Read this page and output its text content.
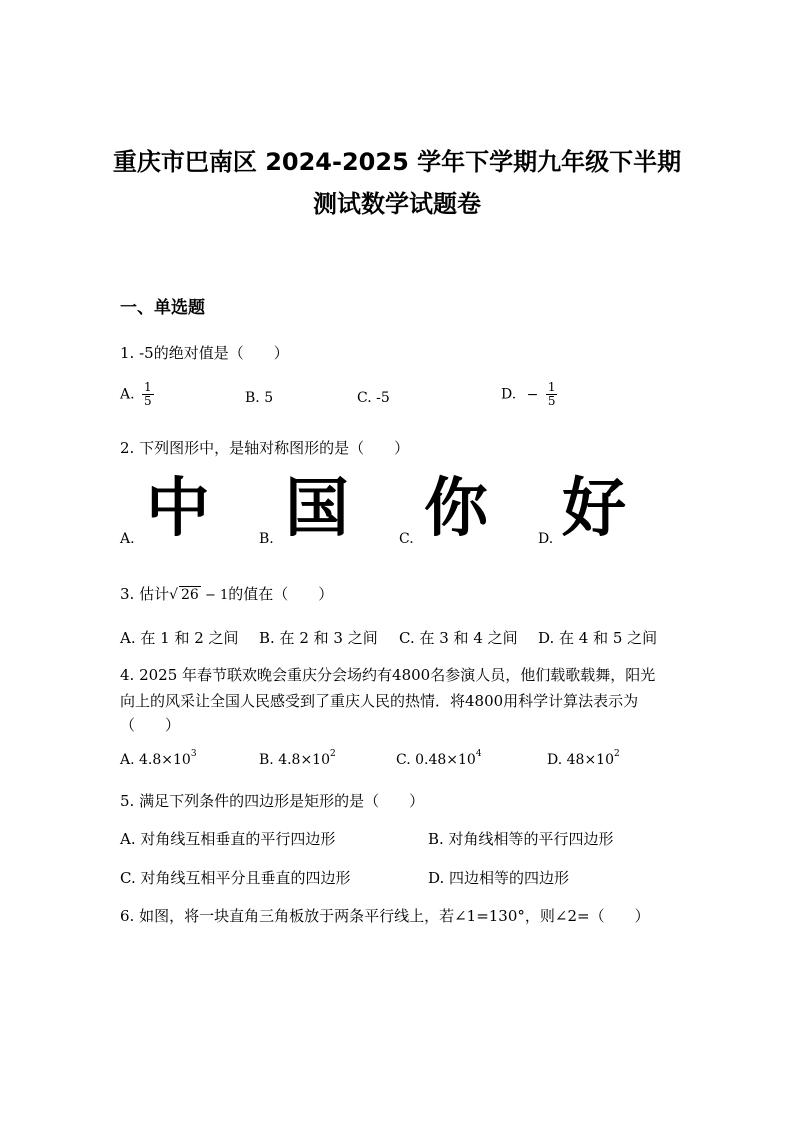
重庆市巴南区 2024-2025 学年下学期九年级下半期
测试数学试题卷
一、单选题
1. -5的绝对值是（　　）
A. $\frac{1}{5}$	B. 5	C. -5	D. − $\frac{1}{5}$
2. 下列图形中，是轴对称图形的是（　　）
A. 中	B. 国	C. 你	D. 好
3. 估计√ 26 − 1的值在（　　）
A. 在 1 和 2 之间 B. 在 2 和 3 之间 C. 在 3 和 4 之间 D. 在 4 和 5 之间
4. 2025 年春节联欢晚会重庆分会场约有4800名参演人员，他们载歌载舞，阳光
向上的风采让全国人民感受到了重庆人民的热情．将4800用科学计算法表示为
（　　）
A. $4.8\times 10^3$	B. $4.8\times 10^2$	C. $0.48\times 10^4$	D. $48\times 10^2$
5. 满足下列条件的四边形是矩形的是（　　）
A. 对角线互相垂直的平行四边形	B. 对角线相等的平行四边形
C. 对角线互相平分且垂直的四边形	D. 四边相等的四边形
6. 如图，将一块直角三角板放于两条平行线上，若∠1=130°，则∠2=（　　）
